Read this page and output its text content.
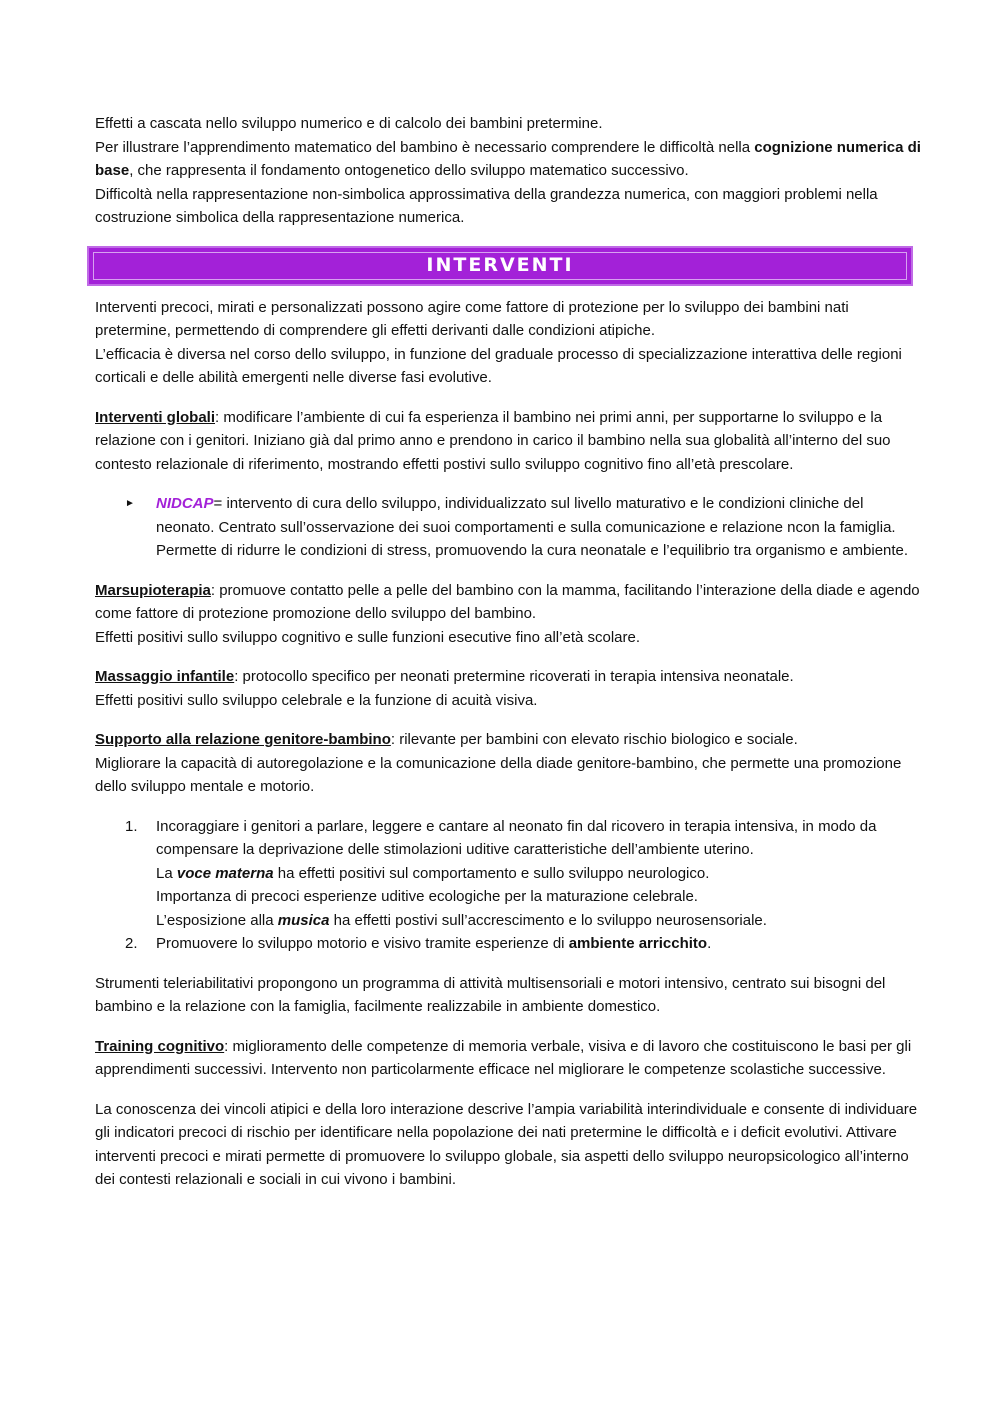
Effetti a cascata nello sviluppo numerico e di calcolo dei bambini pretermine.

Per illustrare l’apprendimento matematico del bambino è necessario comprendere le difficoltà nella cognizione numerica di base, che rappresenta il fondamento ontogenetico dello sviluppo matematico successivo.

Difficoltà nella rappresentazione non-simbolica approssimativa della grandezza numerica, con maggiori problemi nella costruzione simbolica della rappresentazione numerica.

INTERVENTI

Interventi precoci, mirati e personalizzati possono agire come fattore di protezione per lo sviluppo dei bambini nati pretermine, permettendo di comprendere gli effetti derivanti dalle condizioni atipiche.

L’efficacia è diversa nel corso dello sviluppo, in funzione del graduale processo di specializzazione interattiva delle regioni corticali e delle abilità emergenti nelle diverse fasi evolutive.

Interventi globali: modificare l’ambiente di cui fa esperienza il bambino nei primi anni, per supportarne lo sviluppo e la relazione con i genitori. Iniziano già dal primo anno e prendono in carico il bambino nella sua globalità all’interno del suo contesto relazionale di riferimento, mostrando effetti postivi sullo sviluppo cognitivo fino all’età prescolare.

► NIDCAP= intervento di cura dello sviluppo, individualizzato sul livello maturativo e le condizioni cliniche del neonato. Centrato sull’osservazione dei suoi comportamenti e sulla comunicazione e relazione ncon la famiglia. Permette di ridurre le condizioni di stress, promuovendo la cura neonatale e l’equilibrio tra organismo e ambiente.

Marsupioterapia: promuove contatto pelle a pelle del bambino con la mamma, facilitando l’interazione della diade e agendo come fattore di protezione promozione dello sviluppo del bambino.

Effetti positivi sullo sviluppo cognitivo e sulle funzioni esecutive fino all’età scolare.

Massaggio infantile: protocollo specifico per neonati pretermine ricoverati in terapia intensiva neonatale.

Effetti positivi sullo sviluppo celebrale e la funzione di acuità visiva.

Supporto alla relazione genitore-bambino: rilevante per bambini con elevato rischio biologico e sociale.

Migliorare la capacità di autoregolazione e la comunicazione della diade genitore-bambino, che permette una promozione dello sviluppo mentale e motorio.

1. Incoraggiare i genitori a parlare, leggere e cantare al neonato fin dal ricovero in terapia intensiva, in modo da compensare la deprivazione delle stimolazioni uditive caratteristiche dell’ambiente uterino.

La voce materna ha effetti positivi sul comportamento e sullo sviluppo neurologico.

Importanza di precoci esperienze uditive ecologiche per la maturazione celebrale.

L’esposizione alla musica ha effetti postivi sull’accrescimento e lo sviluppo neurosensoriale.

2. Promuovere lo sviluppo motorio e visivo tramite esperienze di ambiente arricchito.

Strumenti teleriabilitativi propongono un programma di attività multisensoriali e motori intensivo, centrato sui bisogni del bambino e la relazione con la famiglia, facilmente realizzabile in ambiente domestico.

Training cognitivo: miglioramento delle competenze di memoria verbale, visiva e di lavoro che costituiscono le basi per gli apprendimenti successivi. Intervento non particolarmente efficace nel migliorare le competenze scolastiche successive.

La conoscenza dei vincoli atipici e della loro interazione descrive l’ampia variabilità interindividuale e consente di individuare gli indicatori precoci di rischio per identificare nella popolazione dei nati pretermine le difficoltà e i deficit evolutivi. Attivare interventi precoci e mirati permette di promuovere lo sviluppo globale, sia aspetti dello sviluppo neuropsicologico all’interno dei contesti relazionali e sociali in cui vivono i bambini.
